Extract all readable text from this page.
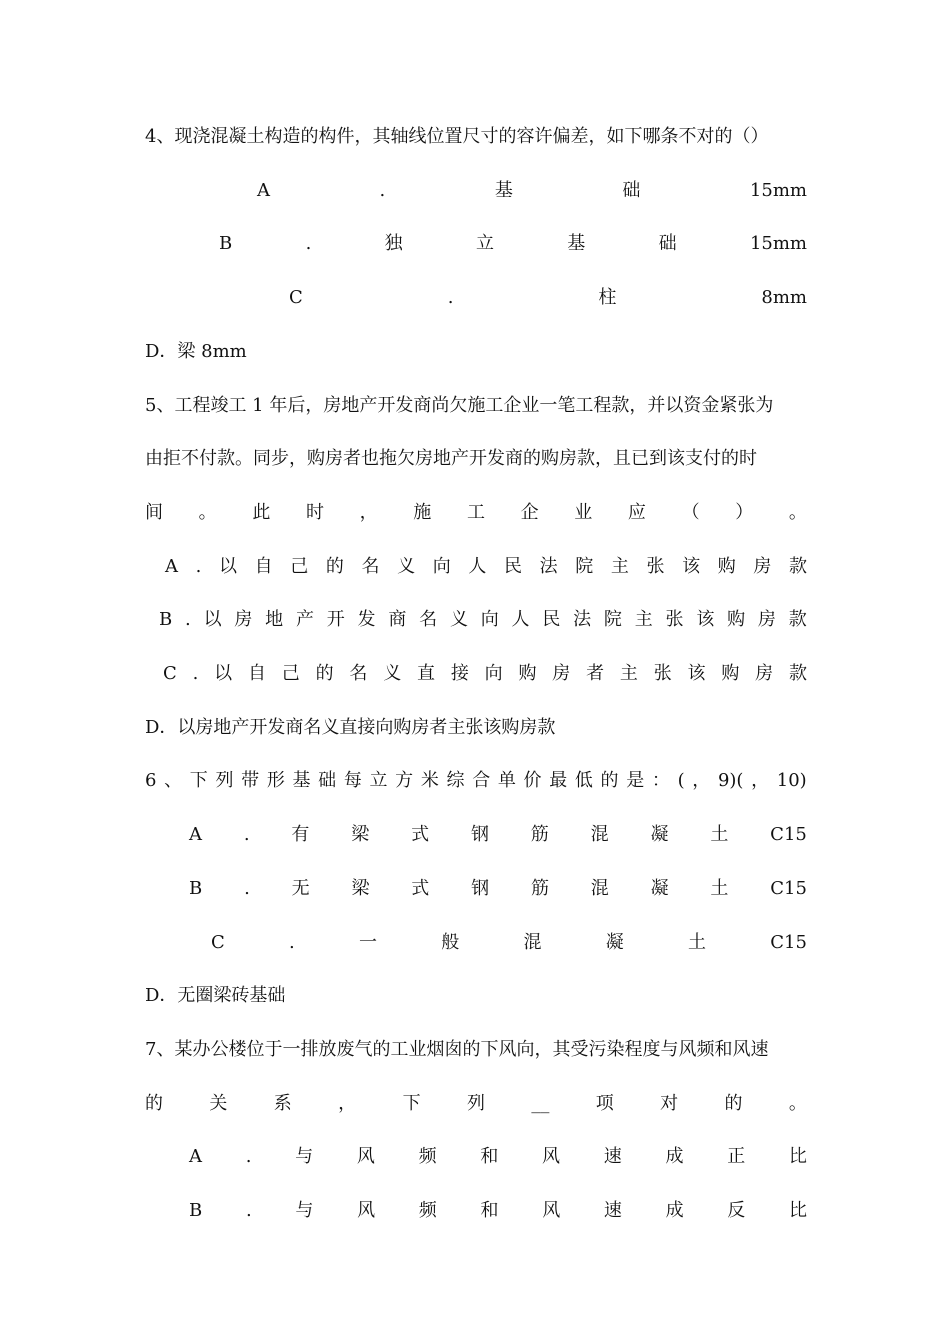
4、现浇混凝土构造的构件，其轴线位置尺寸的容许偏差，如下哪条不对的（）
A	.	基	础	15mm
B	.	独	立	基	础	15mm
C	.	柱	8mm
D．梁 8mm
5、工程竣工 1 年后，房地产开发商尚欠施工企业一笔工程款，并以资金紧张为
由拒不付款。同步，购房者也拖欠房地产开发商的购房款，且已到该支付的时
间 。 此 时 ， 施 工 企 业 应 （ ） 。
A . 以 自 己 的 名 义 向 人 民 法 院 主 张 该 购 房 款
B . 以 房 地 产 开 发 商 名 义 向 人 民 法 院 主 张 该 购 房 款
C . 以 自 己 的 名 义 直 接 向 购 房 者 主 张 该 购 房 款
D．以房地产开发商名义直接向购房者主张该购房款
6 、 下 列 带 形 基 础 每 立 方 米 综 合 单 价 最 低 的 是 ： ( ， 9)( ， 10)
A . 有 梁 式 钢 筋 混 凝 土 C15
B . 无 梁 式 钢 筋 混 凝 土 C15
C	.	一	般	混	凝	土	C15
D．无圈梁砖基础
7、某办公楼位于一排放废气的工业烟囱的下风向，其受污染程度与风频和风速
的	关	系	，	下	列	__	项	对	的	。
A . 与 风 频 和 风 速 成 正 比
B . 与 风 频 和 风 速 成 反 比
